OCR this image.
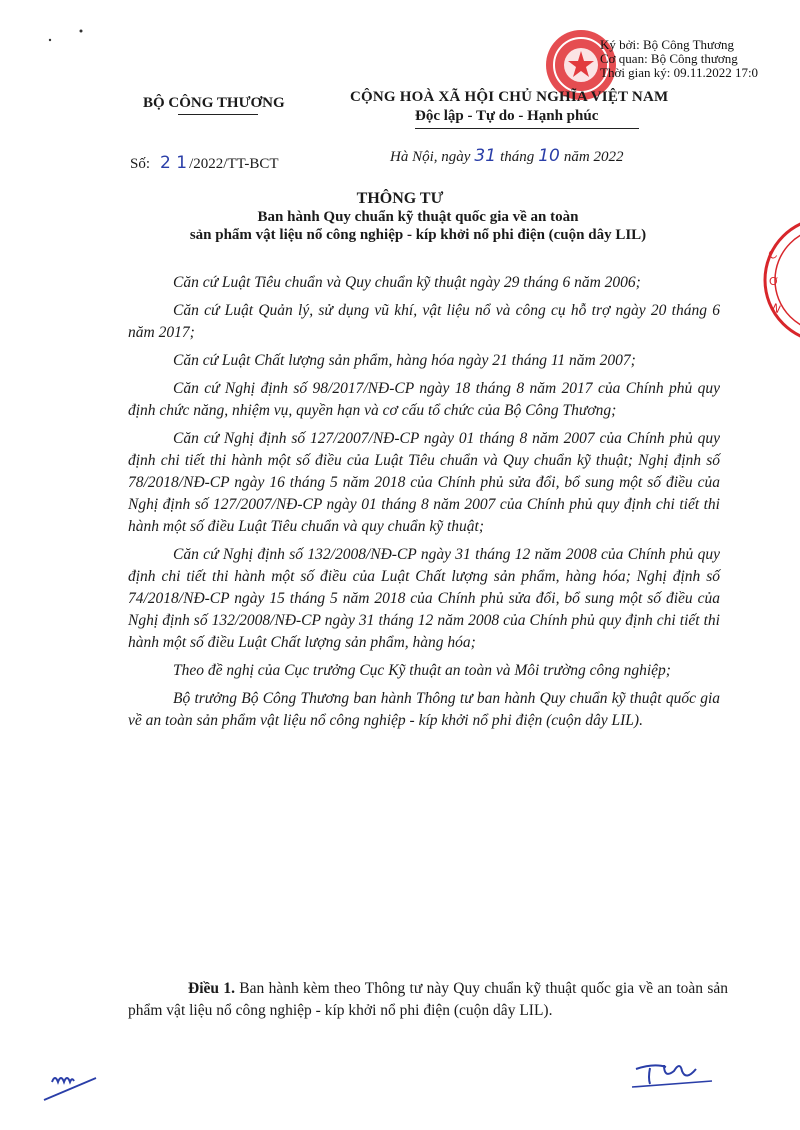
C
Ơ
N
Ký bởi: Bộ Công Thương
Cơ quan: Bộ Công thương
Thời gian ký: 09.11.2022 17:0
BỘ CÔNG THƯƠNG	CỘNG HOÀ XÃ HỘI CHỦ NGHĨA VIỆT NAM
Độc lập - Tự do - Hạnh phúc
Số: 2 1 /2022/TT-BCT	Hà Nội, ngày 31 tháng 10 năm 2022
THÔNG TƯ
Ban hành Quy chuẩn kỹ thuật quốc gia về an toàn
sản phẩm vật liệu nổ công nghiệp - kíp khởi nổ phi điện (cuộn dây LIL)

Căn cứ Luật Tiêu chuẩn và Quy chuẩn kỹ thuật ngày 29 tháng 6 năm 2006;

Căn cứ Luật Quản lý, sử dụng vũ khí, vật liệu nổ và công cụ hỗ trợ ngày 20 tháng 6 năm 2017;

Căn cứ Luật Chất lượng sản phẩm, hàng hóa ngày 21 tháng 11 năm 2007;

Căn cứ Nghị định số 98/2017/NĐ-CP ngày 18 tháng 8 năm 2017 của Chính phủ quy định chức năng, nhiệm vụ, quyền hạn và cơ cấu tổ chức của Bộ Công Thương;

Căn cứ Nghị định số 127/2007/NĐ-CP ngày 01 tháng 8 năm 2007 của Chính phủ quy định chi tiết thi hành một số điều của Luật Tiêu chuẩn và Quy chuẩn kỹ thuật; Nghị định số 78/2018/NĐ-CP ngày 16 tháng 5 năm 2018 của Chính phủ sửa đổi, bổ sung một số điều của Nghị định số 127/2007/NĐ-CP ngày 01 tháng 8 năm 2007 của Chính phủ quy định chi tiết thi hành một số điều Luật Tiêu chuẩn và quy chuẩn kỹ thuật;

Căn cứ Nghị định số 132/2008/NĐ-CP ngày 31 tháng 12 năm 2008 của Chính phủ quy định chi tiết thi hành một số điều của Luật Chất lượng sản phẩm, hàng hóa; Nghị định số 74/2018/NĐ-CP ngày 15 tháng 5 năm 2018 của Chính phủ sửa đổi, bổ sung một số điều của Nghị định số 132/2008/NĐ-CP ngày 31 tháng 12 năm 2008 của Chính phủ quy định chi tiết thi hành một số điều Luật Chất lượng sản phẩm, hàng hóa;

Theo đề nghị của Cục trưởng Cục Kỹ thuật an toàn và Môi trường công nghiệp;

Bộ trưởng Bộ Công Thương ban hành Thông tư ban hành Quy chuẩn kỹ thuật quốc gia về an toàn sản phẩm vật liệu nổ công nghiệp - kíp khởi nổ phi điện (cuộn dây LIL).

Điều 1. Ban hành kèm theo Thông tư này Quy chuẩn kỹ thuật quốc gia về an toàn sản phẩm vật liệu nổ công nghiệp - kíp khởi nổ phi điện (cuộn dây LIL).
